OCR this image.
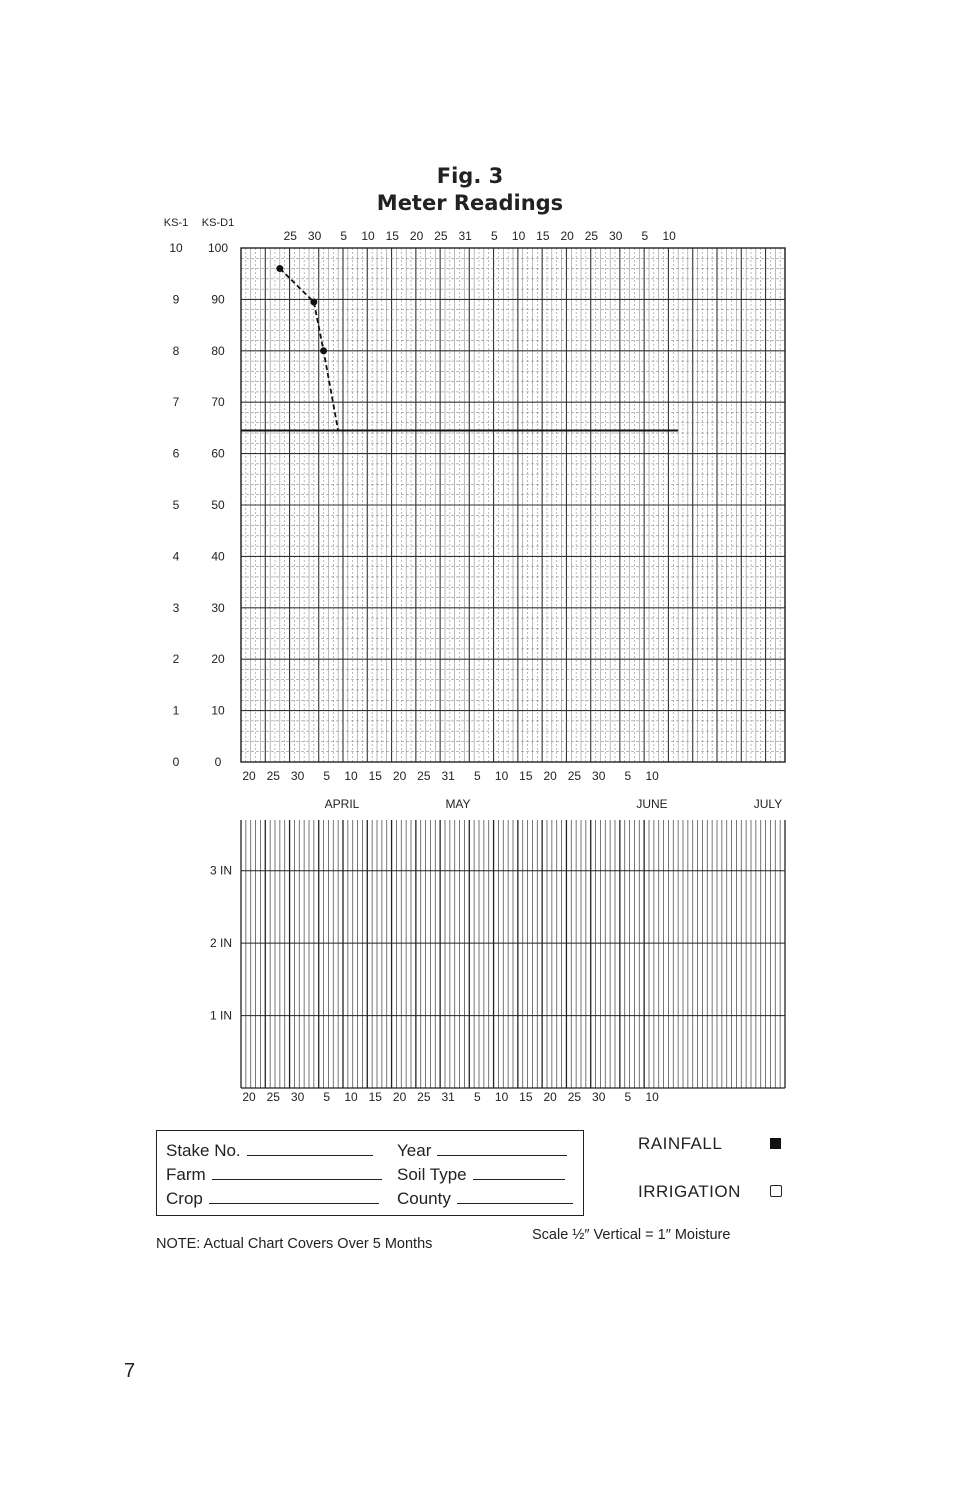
Fig. 3
Meter Readings
KS-1 KS-D1
10
9
8
7
6
5
4
3
2
1
0
100
90
80
70
60
50
40
30
20
10
0
25 30 5 10 15 20 25 31 5 10 15 20 25 30 5 10
20 25 30 5 10 15 20 25 31 5 10 15 20 25 30 5 10
APRIL	MAY	JUNE	JULY
3 IN
2 IN
1 IN
20 25 30 5 10 15 20 25 31 5 10 15 20 25 30 5 10
Stake No.	Year
Farm	Soil Type
Crop	County
RAINFALL
IRRIGATION
NOTE: Actual Chart Covers Over 5 Months
Scale ½″ Vertical = 1″ Moisture
7
